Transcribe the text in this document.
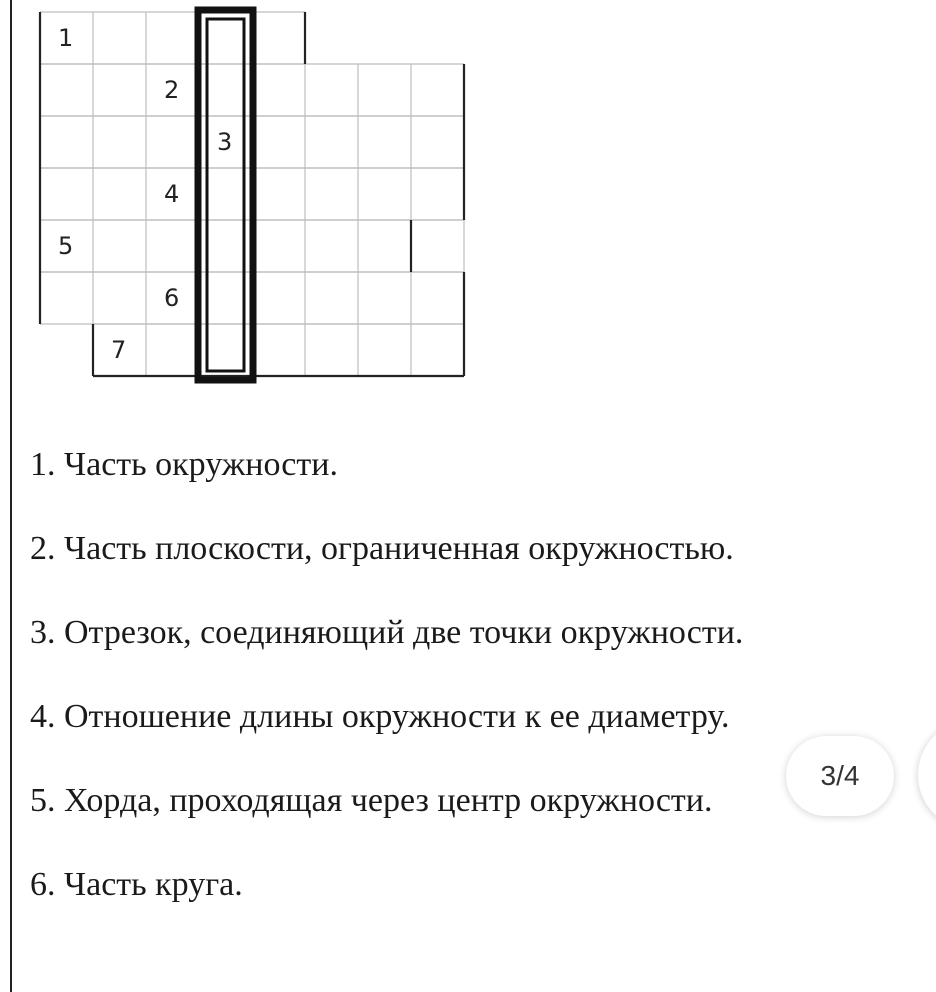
1
2
3
4
5
6
7
1. Часть окружности.
2. Часть плоскости, ограниченная окружностью.
3. Отрезок, соединяющий две точки окружности.
4. Отношение длины окружности к ее диаметру.
5. Хорда, проходящая через центр окружности.
6. Часть круга.
3/4
